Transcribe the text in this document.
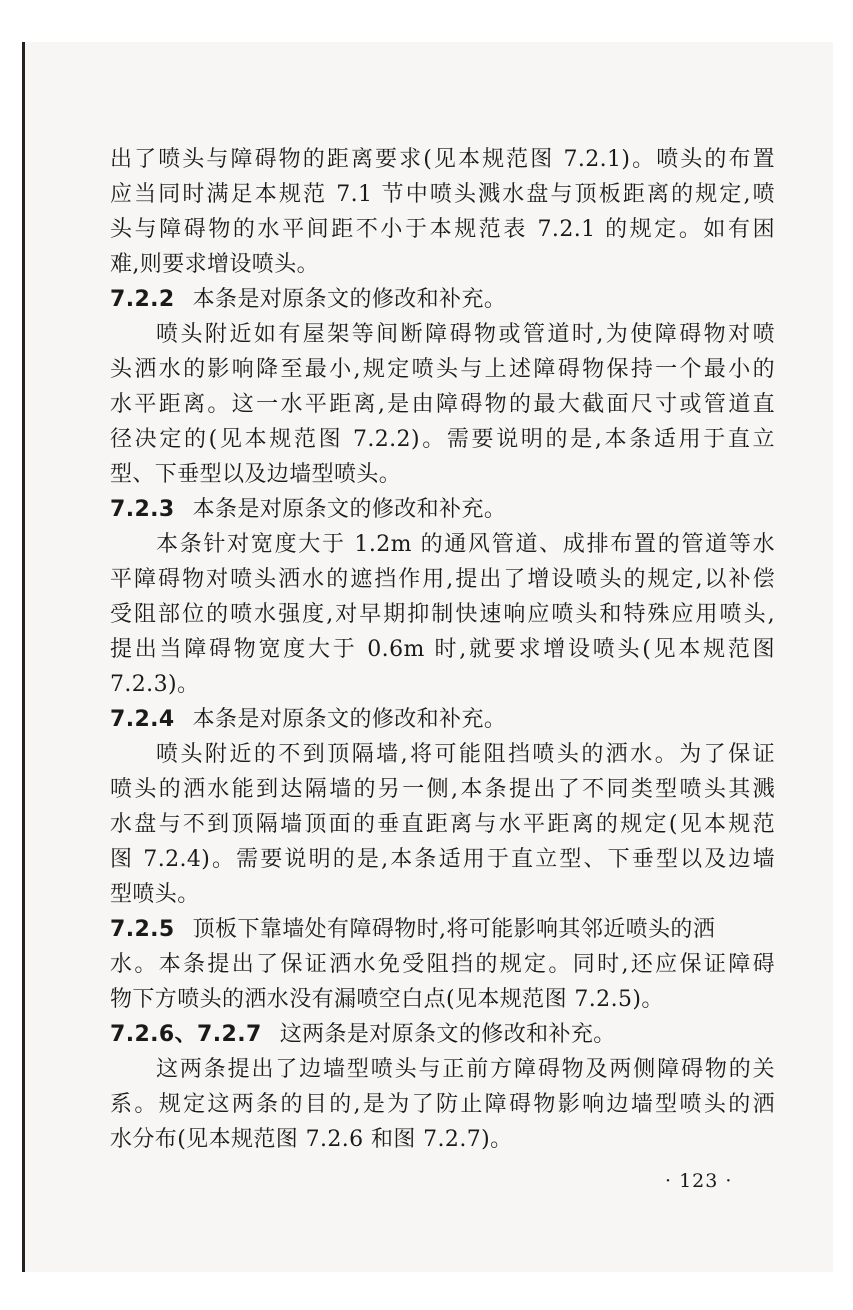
出了喷头与障碍物的距离要求(见本规范图 7.2.1)。喷头的布置
应当同时满足本规范 7.1 节中喷头溅水盘与顶板距离的规定,喷
头与障碍物的水平间距不小于本规范表 7.2.1 的规定。如有困
难,则要求增设喷头。
7.2.2 本条是对原条文的修改和补充。
喷头附近如有屋架等间断障碍物或管道时,为使障碍物对喷
头洒水的影响降至最小,规定喷头与上述障碍物保持一个最小的
水平距离。这一水平距离,是由障碍物的最大截面尺寸或管道直
径决定的(见本规范图 7.2.2)。需要说明的是,本条适用于直立
型、下垂型以及边墙型喷头。
7.2.3 本条是对原条文的修改和补充。
本条针对宽度大于 1.2m 的通风管道、成排布置的管道等水
平障碍物对喷头洒水的遮挡作用,提出了增设喷头的规定,以补偿
受阻部位的喷水强度,对早期抑制快速响应喷头和特殊应用喷头,
提出当障碍物宽度大于 0.6m 时,就要求增设喷头(见本规范图
7.2.3)。
7.2.4 本条是对原条文的修改和补充。
喷头附近的不到顶隔墙,将可能阻挡喷头的洒水。为了保证
喷头的洒水能到达隔墙的另一侧,本条提出了不同类型喷头其溅
水盘与不到顶隔墙顶面的垂直距离与水平距离的规定(见本规范
图 7.2.4)。需要说明的是,本条适用于直立型、下垂型以及边墙
型喷头。
7.2.5 顶板下靠墙处有障碍物时,将可能影响其邻近喷头的洒
水。本条提出了保证洒水免受阻挡的规定。同时,还应保证障碍
物下方喷头的洒水没有漏喷空白点(见本规范图 7.2.5)。
7.2.6、7.2.7 这两条是对原条文的修改和补充。
这两条提出了边墙型喷头与正前方障碍物及两侧障碍物的关
系。规定这两条的目的,是为了防止障碍物影响边墙型喷头的洒
水分布(见本规范图 7.2.6 和图 7.2.7)。
· 123 ·
